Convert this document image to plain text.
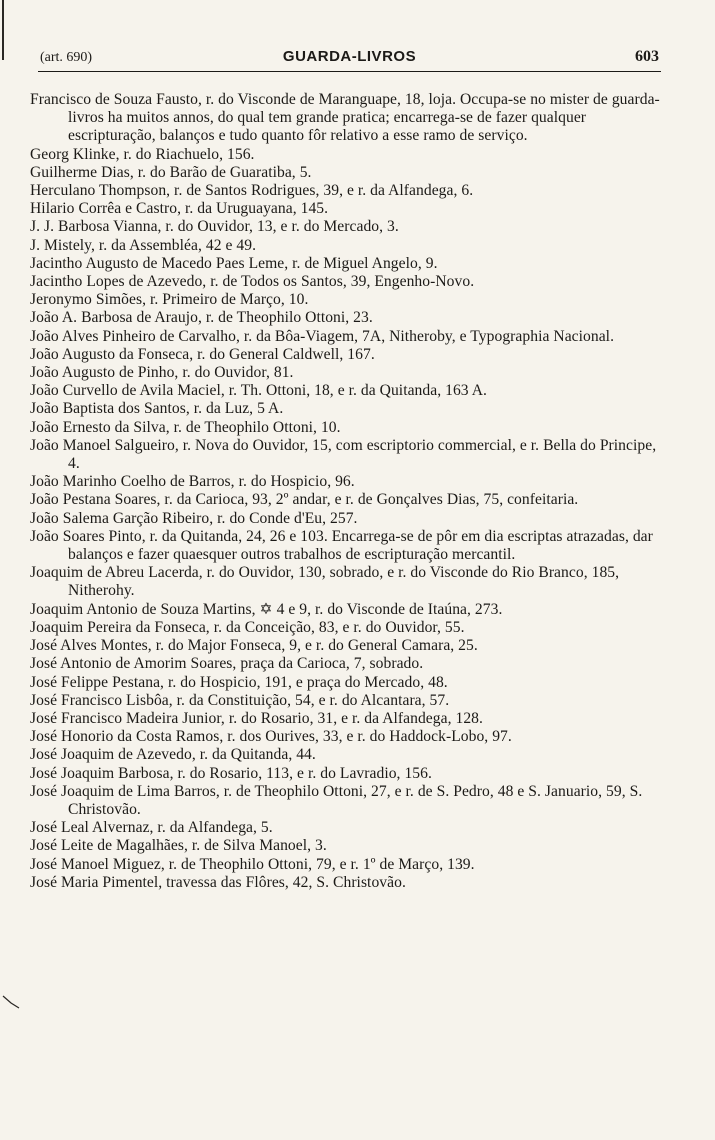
(art. 690)	GUARDA-LIVROS	603

Francisco de Souza Fausto, r. do Visconde de Maranguape, 18, loja. Occupa-se no mister de guarda-livros ha muitos annos, do qual tem grande pratica; encarrega-se de fazer qualquer escripturação, balanços e tudo quanto fôr relativo a esse ramo de serviço.

Georg Klinke, r. do Riachuelo, 156.

Guilherme Dias, r. do Barão de Guaratiba, 5.

Herculano Thompson, r. de Santos Rodrigues, 39, e r. da Alfandega, 6.

Hilario Corrêa e Castro, r. da Uruguayana, 145.

J. J. Barbosa Vianna, r. do Ouvidor, 13, e r. do Mercado, 3.

J. Mistely, r. da Assembléa, 42 e 49.

Jacintho Augusto de Macedo Paes Leme, r. de Miguel Angelo, 9.

Jacintho Lopes de Azevedo, r. de Todos os Santos, 39, Engenho-Novo.

Jeronymo Simões, r. Primeiro de Março, 10.

João A. Barbosa de Araujo, r. de Theophilo Ottoni, 23.

João Alves Pinheiro de Carvalho, r. da Bôa-Viagem, 7A, Nitheroby, e Typographia Nacional.

João Augusto da Fonseca, r. do General Caldwell, 167.

João Augusto de Pinho, r. do Ouvidor, 81.

João Curvello de Avila Maciel, r. Th. Ottoni, 18, e r. da Quitanda, 163 A.

João Baptista dos Santos, r. da Luz, 5 A.

João Ernesto da Silva, r. de Theophilo Ottoni, 10.

João Manoel Salgueiro, r. Nova do Ouvidor, 15, com escriptorio commercial, e r. Bella do Principe, 4.

João Marinho Coelho de Barros, r. do Hospicio, 96.

João Pestana Soares, r. da Carioca, 93, 2º andar, e r. de Gonçalves Dias, 75, confeitaria.

João Salema Garção Ribeiro, r. do Conde d'Eu, 257.

João Soares Pinto, r. da Quitanda, 24, 26 e 103. Encarrega-se de pôr em dia escriptas atrazadas, dar balanços e fazer quaesquer outros trabalhos de escripturação mercantil.

Joaquim de Abreu Lacerda, r. do Ouvidor, 130, sobrado, e r. do Visconde do Rio Branco, 185, Nitherohy.

Joaquim Antonio de Souza Martins, ✡ 4 e 9, r. do Visconde de Itaúna, 273.

Joaquim Pereira da Fonseca, r. da Conceição, 83, e r. do Ouvidor, 55.

José Alves Montes, r. do Major Fonseca, 9, e r. do General Camara, 25.

José Antonio de Amorim Soares, praça da Carioca, 7, sobrado.

José Felippe Pestana, r. do Hospicio, 191, e praça do Mercado, 48.

José Francisco Lisbôa, r. da Constituição, 54, e r. do Alcantara, 57.

José Francisco Madeira Junior, r. do Rosario, 31, e r. da Alfandega, 128.

José Honorio da Costa Ramos, r. dos Ourives, 33, e r. do Haddock-Lobo, 97.

José Joaquim de Azevedo, r. da Quitanda, 44.

José Joaquim Barbosa, r. do Rosario, 113, e r. do Lavradio, 156.

José Joaquim de Lima Barros, r. de Theophilo Ottoni, 27, e r. de S. Pedro, 48 e S. Januario, 59, S. Christovão.

José Leal Alvernaz, r. da Alfandega, 5.

José Leite de Magalhães, r. de Silva Manoel, 3.

José Manoel Miguez, r. de Theophilo Ottoni, 79, e r. 1º de Março, 139.

José Maria Pimentel, travessa das Flôres, 42, S. Christovão.
